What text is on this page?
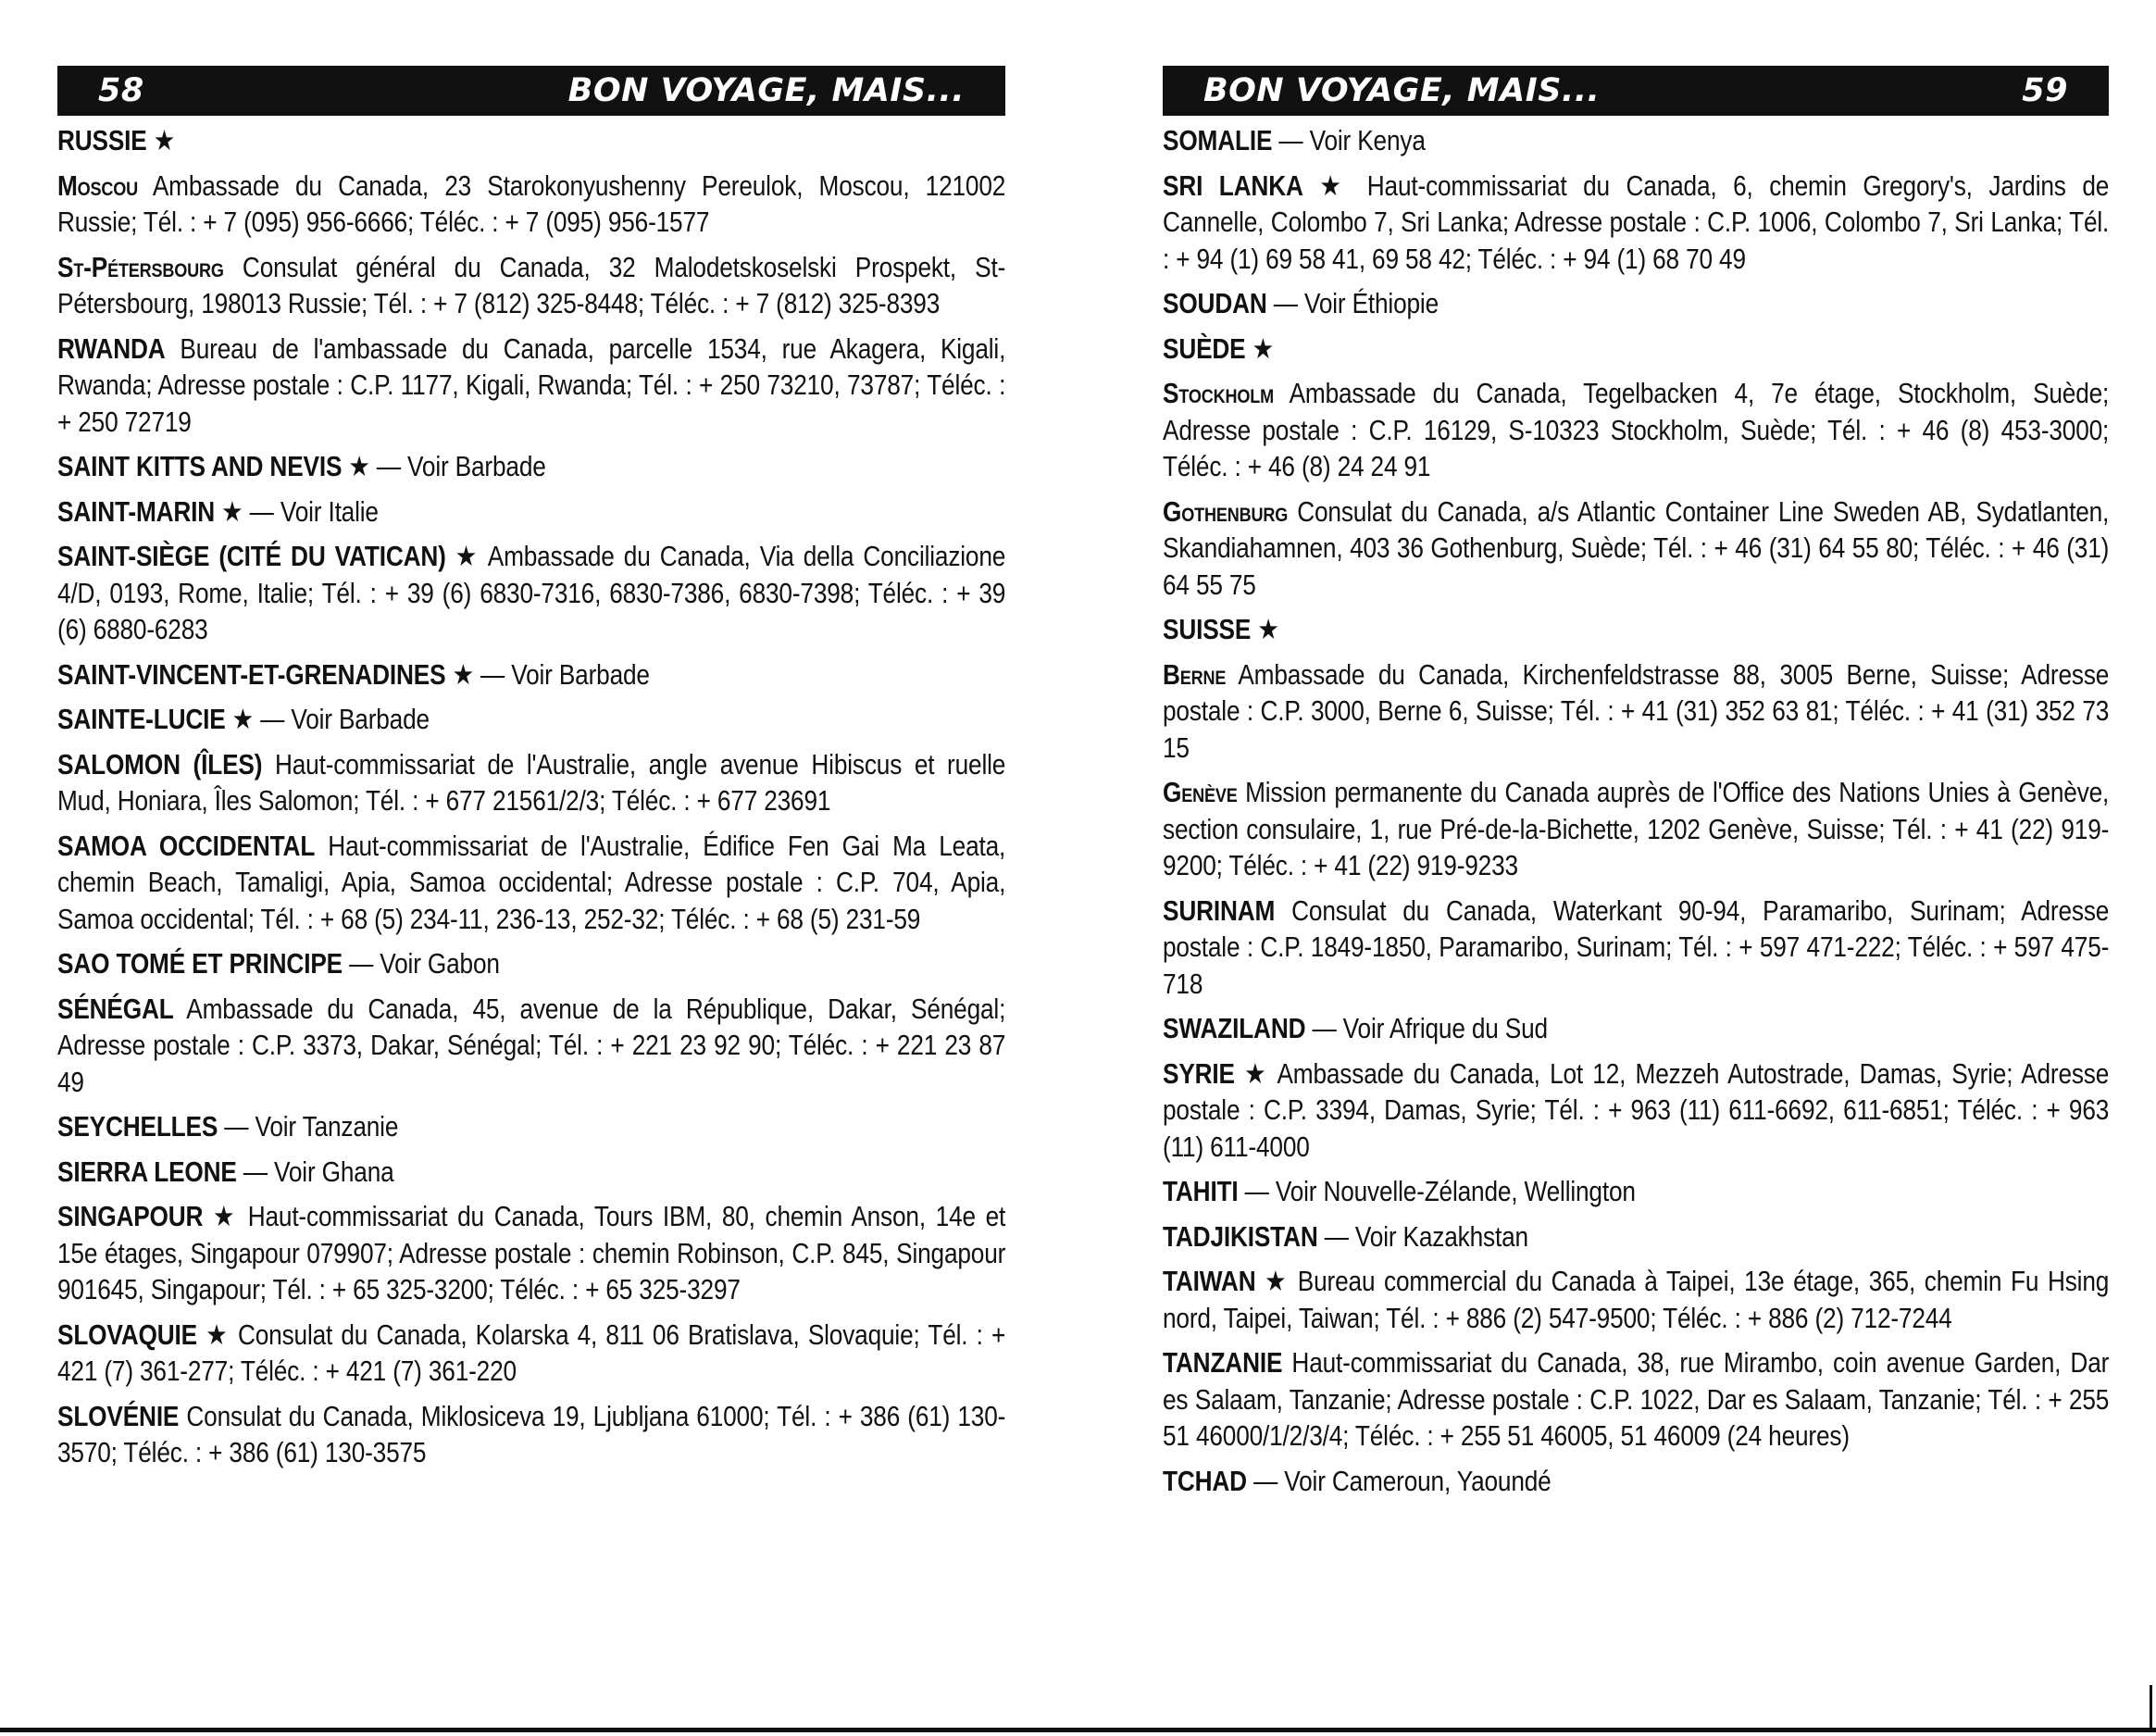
58	BON VOYAGE, MAIS...
RUSSIE ★
Moscou Ambassade du Canada, 23 Starokonyushenny Pereulok, Moscou, 121002 Russie; Tél. : + 7 (095) 956-6666; Téléc. : + 7 (095) 956-1577
St-Pétersbourg Consulat général du Canada, 32 Malodetskoselski Prospekt, St-Pétersbourg, 198013 Russie; Tél. : + 7 (812) 325-8448; Téléc. : + 7 (812) 325-8393
RWANDA Bureau de l'ambassade du Canada, parcelle 1534, rue Akagera, Kigali, Rwanda; Adresse postale : C.P. 1177, Kigali, Rwanda; Tél. : + 250 73210, 73787; Téléc. : + 250 72719
SAINT KITTS AND NEVIS ★ — Voir Barbade
SAINT-MARIN ★ — Voir Italie
SAINT-SIÈGE (CITÉ DU VATICAN) ★ Ambassade du Canada, Via della Conciliazione 4/D, 0193, Rome, Italie; Tél. : + 39 (6) 6830-7316, 6830-7386, 6830-7398; Téléc. : + 39 (6) 6880-6283
SAINT-VINCENT-ET-GRENADINES ★ — Voir Barbade
SAINTE-LUCIE ★ — Voir Barbade
SALOMON (ÎLES) Haut-commissariat de l'Australie, angle avenue Hibiscus et ruelle Mud, Honiara, Îles Salomon; Tél. : + 677 21561/2/3; Téléc. : + 677 23691
SAMOA OCCIDENTAL Haut-commissariat de l'Australie, Édifice Fen Gai Ma Leata, chemin Beach, Tamaligi, Apia, Samoa occidental; Adresse postale : C.P. 704, Apia, Samoa occidental; Tél. : + 68 (5) 234-11, 236-13, 252-32; Téléc. : + 68 (5) 231-59
SAO TOMÉ ET PRINCIPE — Voir Gabon
SÉNÉGAL Ambassade du Canada, 45, avenue de la République, Dakar, Sénégal; Adresse postale : C.P. 3373, Dakar, Sénégal; Tél. : + 221 23 92 90; Téléc. : + 221 23 87 49
SEYCHELLES — Voir Tanzanie
SIERRA LEONE — Voir Ghana
SINGAPOUR ★ Haut-commissariat du Canada, Tours IBM, 80, chemin Anson, 14e et 15e étages, Singapour 079907; Adresse postale : chemin Robinson, C.P. 845, Singapour 901645, Singapour; Tél. : + 65 325-3200; Téléc. : + 65 325-3297
SLOVAQUIE ★ Consulat du Canada, Kolarska 4, 811 06 Bratislava, Slovaquie; Tél. : + 421 (7) 361-277; Téléc. : + 421 (7) 361-220
SLOVÉNIE Consulat du Canada, Miklosiceva 19, Ljubljana 61000; Tél. : + 386 (61) 130-3570; Téléc. : + 386 (61) 130-3575
BON VOYAGE, MAIS...	59
SOMALIE — Voir Kenya
SRI LANKA ★ Haut-commissariat du Canada, 6, chemin Gregory's, Jardins de Cannelle, Colombo 7, Sri Lanka; Adresse postale : C.P. 1006, Colombo 7, Sri Lanka; Tél. : + 94 (1) 69 58 41, 69 58 42; Téléc. : + 94 (1) 68 70 49
SOUDAN — Voir Éthiopie
SUÈDE ★
Stockholm Ambassade du Canada, Tegelbacken 4, 7e étage, Stockholm, Suède; Adresse postale : C.P. 16129, S-10323 Stockholm, Suède; Tél. : + 46 (8) 453-3000; Téléc. : + 46 (8) 24 24 91
Gothenburg Consulat du Canada, a/s Atlantic Container Line Sweden AB, Sydatlanten, Skandiahamnen, 403 36 Gothenburg, Suède; Tél. : + 46 (31) 64 55 80; Téléc. : + 46 (31) 64 55 75
SUISSE ★
Berne Ambassade du Canada, Kirchenfeldstrasse 88, 3005 Berne, Suisse; Adresse postale : C.P. 3000, Berne 6, Suisse; Tél. : + 41 (31) 352 63 81; Téléc. : + 41 (31) 352 73 15
Genève Mission permanente du Canada auprès de l'Office des Nations Unies à Genève, section consulaire, 1, rue Pré-de-la-Bichette, 1202 Genève, Suisse; Tél. : + 41 (22) 919-9200; Téléc. : + 41 (22) 919-9233
SURINAM Consulat du Canada, Waterkant 90-94, Paramaribo, Surinam; Adresse postale : C.P. 1849-1850, Paramaribo, Surinam; Tél. : + 597 471-222; Téléc. : + 597 475-718
SWAZILAND — Voir Afrique du Sud
SYRIE ★ Ambassade du Canada, Lot 12, Mezzeh Autostrade, Damas, Syrie; Adresse postale : C.P. 3394, Damas, Syrie; Tél. : + 963 (11) 611-6692, 611-6851; Téléc. : + 963 (11) 611-4000
TAHITI — Voir Nouvelle-Zélande, Wellington
TADJIKISTAN — Voir Kazakhstan
TAIWAN ★ Bureau commercial du Canada à Taipei, 13e étage, 365, chemin Fu Hsing nord, Taipei, Taiwan; Tél. : + 886 (2) 547-9500; Téléc. : + 886 (2) 712-7244
TANZANIE Haut-commissariat du Canada, 38, rue Mirambo, coin avenue Garden, Dar es Salaam, Tanzanie; Adresse postale : C.P. 1022, Dar es Salaam, Tanzanie; Tél. : + 255 51 46000/1/2/3/4; Téléc. : + 255 51 46005, 51 46009 (24 heures)
TCHAD — Voir Cameroun, Yaoundé
